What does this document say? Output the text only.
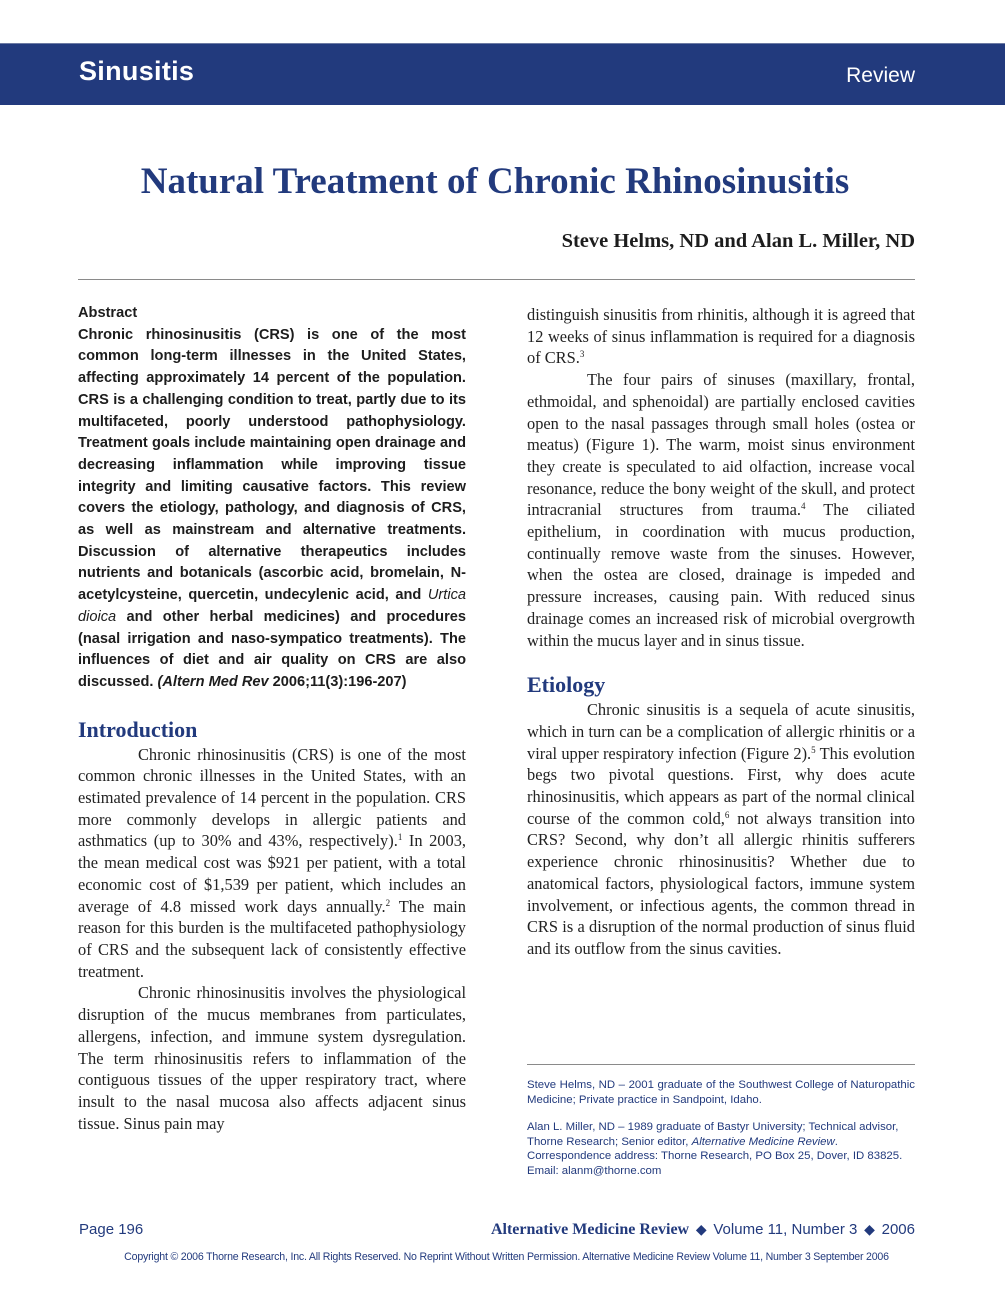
Sinusitis	Review
Natural Treatment of Chronic Rhinosinusitis
Steve Helms, ND and Alan L. Miller, ND
Abstract

Chronic rhinosinusitis (CRS) is one of the most common long-term illnesses in the United States, affecting approximately 14 percent of the population. CRS is a challenging condition to treat, partly due to its multifaceted, poorly understood pathophysiology. Treatment goals include maintaining open drainage and decreasing inflammation while improving tissue integrity and limiting causative factors. This review covers the etiology, pathology, and diagnosis of CRS, as well as mainstream and alternative treatments. Discussion of alternative therapeutics includes nutrients and botanicals (ascorbic acid, bromelain, N-acetylcysteine, quercetin, undecylenic acid, and Urtica dioica and other herbal medicines) and procedures (nasal irrigation and naso-sympatico treatments). The influences of diet and air quality on CRS are also discussed. (Altern Med Rev 2006;11(3):196-207)

Introduction

Chronic rhinosinusitis (CRS) is one of the most common chronic illnesses in the United States, with an estimated prevalence of 14 percent in the population. CRS more commonly develops in allergic patients and asthmatics (up to 30% and 43%, respectively).$^1$ In 2003, the mean medical cost was $921 per patient, with a total economic cost of $1,539 per patient, which includes an average of 4.8 missed work days annually.$^2$ The main reason for this burden is the multifaceted pathophysiology of CRS and the subsequent lack of consistently effective treatment.

Chronic rhinosinusitis involves the physiological disruption of the mucus membranes from particulates, allergens, infection, and immune system dysregulation. The term rhinosinusitis refers to inflammation of the contiguous tissues of the upper respiratory tract, where insult to the nasal mucosa also affects adjacent sinus tissue. Sinus pain may

distinguish sinusitis from rhinitis, although it is agreed that 12 weeks of sinus inflammation is required for a diagnosis of CRS.$^3$

The four pairs of sinuses (maxillary, frontal, ethmoidal, and sphenoidal) are partially enclosed cavities open to the nasal passages through small holes (ostea or meatus) (Figure 1). The warm, moist sinus environment they create is speculated to aid olfaction, increase vocal resonance, reduce the bony weight of the skull, and protect intracranial structures from trauma.$^4$ The ciliated epithelium, in coordination with mucus production, continually remove waste from the sinuses. However, when the ostea are closed, drainage is impeded and pressure increases, causing pain. With reduced sinus drainage comes an increased risk of microbial overgrowth within the mucus layer and in sinus tissue.

Etiology

Chronic sinusitis is a sequela of acute sinusitis, which in turn can be a complication of allergic rhinitis or a viral upper respiratory infection (Figure 2).$^5$ This evolution begs two pivotal questions. First, why does acute rhinosinusitis, which appears as part of the normal clinical course of the common cold,$^6$ not always transition into CRS? Second, why don’t all allergic rhinitis sufferers experience chronic rhinosinusitis? Whether due to anatomical factors, physiological factors, immune system involvement, or infectious agents, the common thread in CRS is a disruption of the normal production of sinus fluid and its outflow from the sinus cavities.

Steve Helms, ND – 2001 graduate of the Southwest College of Naturopathic Medicine; Private practice in Sandpoint, Idaho.

Alan L. Miller, ND – 1989 graduate of Bastyr University; Technical advisor, Thorne Research; Senior editor, Alternative Medicine Review.
Correspondence address: Thorne Research, PO Box 25, Dover, ID 83825.
Email: alanm@thorne.com

Page 196	Alternative Medicine Review ◆ Volume 11, Number 3 ◆ 2006
Copyright © 2006 Thorne Research, Inc. All Rights Reserved. No Reprint Without Written Permission. Alternative Medicine Review Volume 11, Number 3 September 2006
